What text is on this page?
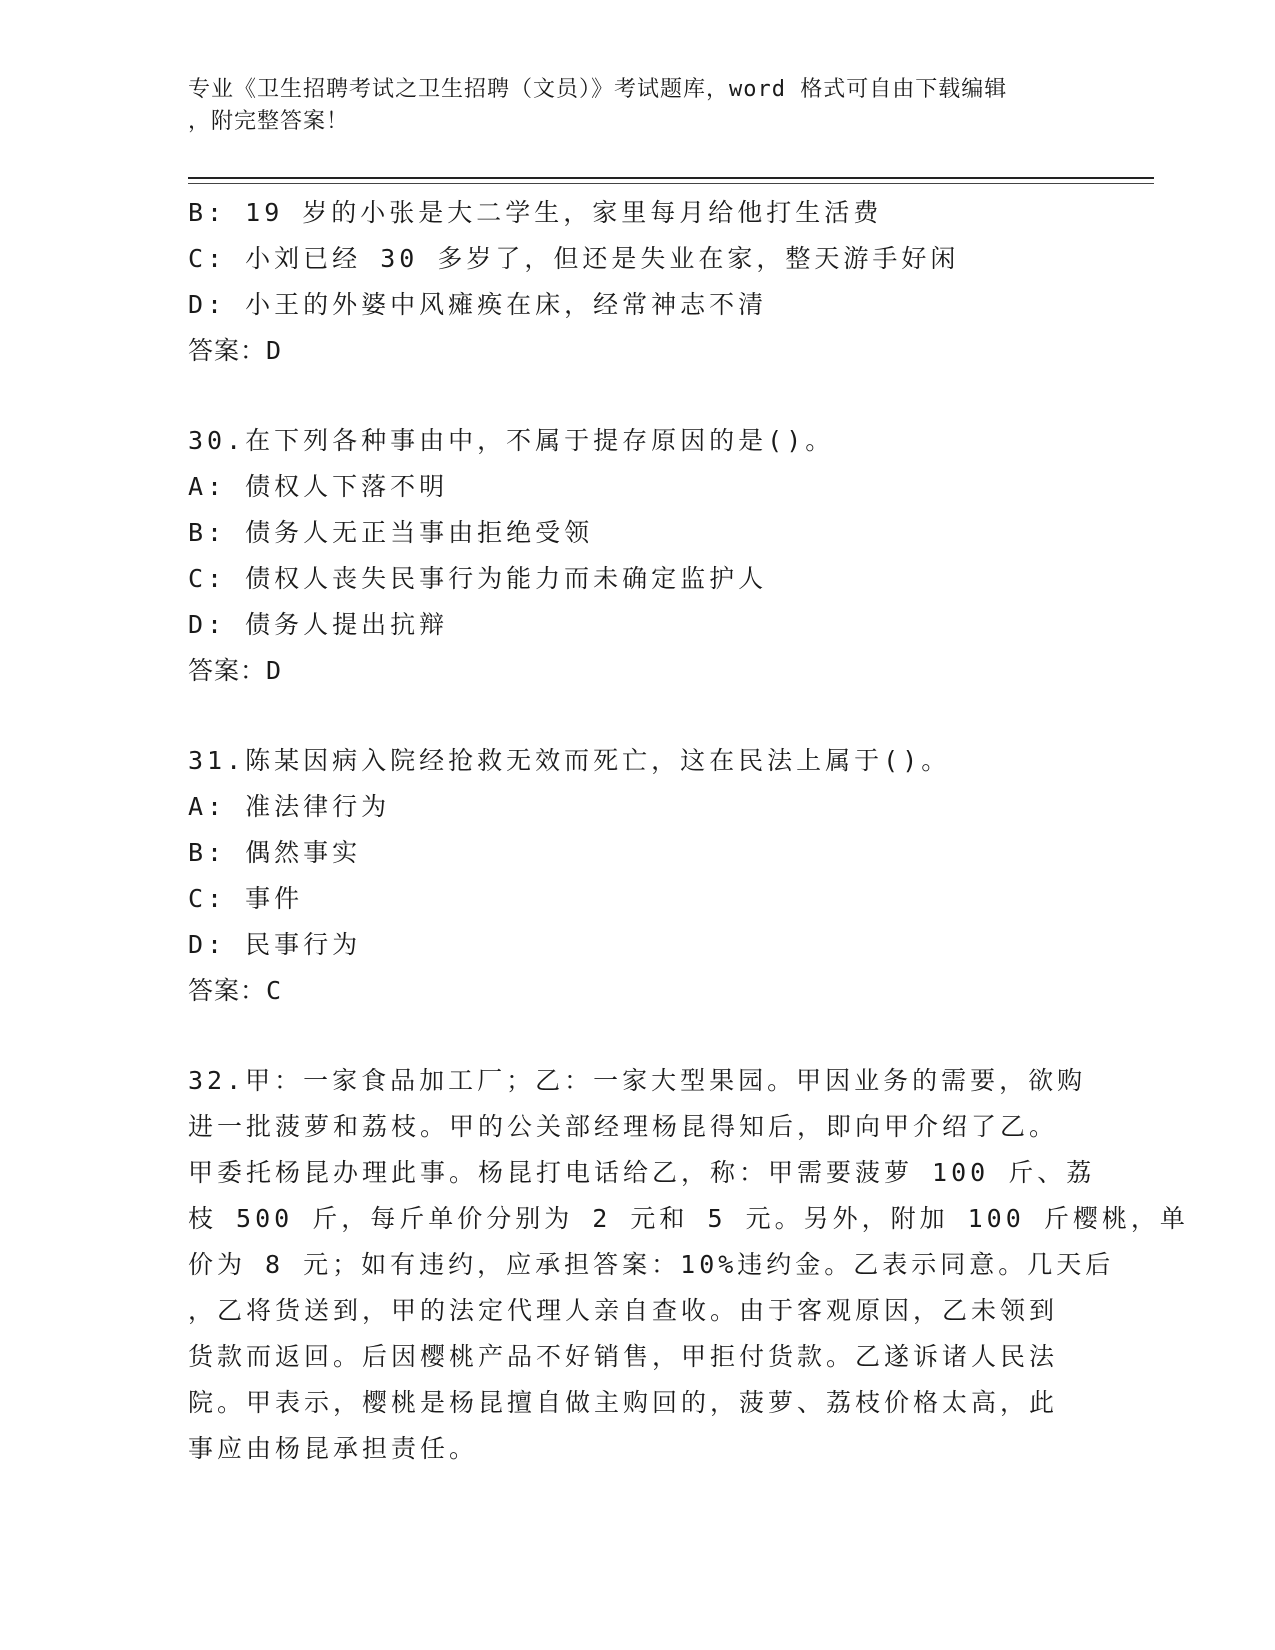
专业《卫生招聘考试之卫生招聘（文员）》考试题库，word 格式可自由下载编辑
，附完整答案！
B: 19 岁的小张是大二学生，家里每月给他打生活费
C: 小刘已经 30 多岁了，但还是失业在家，整天游手好闲
D: 小王的外婆中风瘫痪在床，经常神志不清
答案：D
30.在下列各种事由中，不属于提存原因的是()。
A: 债权人下落不明
B: 债务人无正当事由拒绝受领
C: 债权人丧失民事行为能力而未确定监护人
D: 债务人提出抗辩
答案：D
31.陈某因病入院经抢救无效而死亡，这在民法上属于()。
A: 准法律行为
B: 偶然事实
C: 事件
D: 民事行为
答案：C
32.甲：一家食品加工厂；乙：一家大型果园。甲因业务的需要，欲购
进一批菠萝和荔枝。甲的公关部经理杨昆得知后，即向甲介绍了乙。
甲委托杨昆办理此事。杨昆打电话给乙，称：甲需要菠萝 100 斤、荔
枝 500 斤，每斤单价分别为 2 元和 5 元。另外，附加 100 斤樱桃，单
价为 8 元；如有违约，应承担答案：10%违约金。乙表示同意。几天后
，乙将货送到，甲的法定代理人亲自查收。由于客观原因，乙未领到
货款而返回。后因樱桃产品不好销售，甲拒付货款。乙遂诉诸人民法
院。甲表示，樱桃是杨昆擅自做主购回的，菠萝、荔枝价格太高，此
事应由杨昆承担责任。
